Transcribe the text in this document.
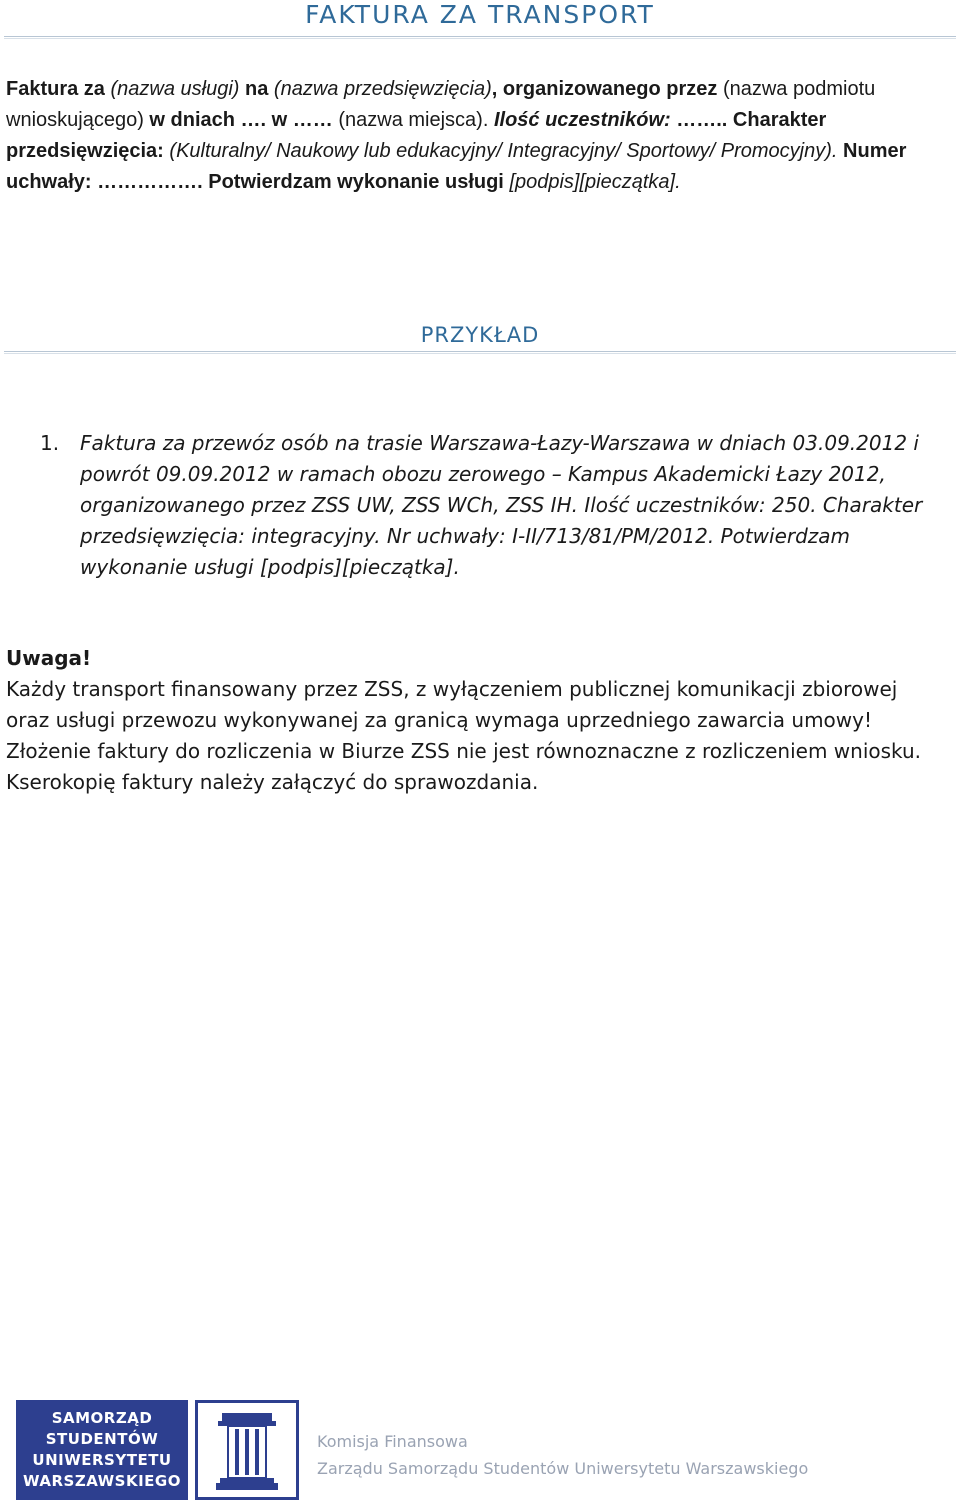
FAKTURA ZA TRANSPORT
Faktura za (nazwa usługi) na (nazwa przedsięwzięcia), organizowanego przez (nazwa podmiotu wnioskującego) w dniach …. w …… (nazwa miejsca). Ilość uczestników: …….. Charakter przedsięwzięcia: (Kulturalny/ Naukowy lub edukacyjny/ Integracyjny/ Sportowy/ Promocyjny). Numer uchwały: ……………. Potwierdzam wykonanie usługi [podpis][pieczątka].
PRZYKŁAD
1. Faktura za przewóz osób na trasie Warszawa-Łazy-Warszawa w dniach 03.09.2012 i powrót 09.09.2012 w ramach obozu zerowego – Kampus Akademicki Łazy 2012, organizowanego przez ZSS UW, ZSS WCh, ZSS IH. Ilość uczestników: 250. Charakter przedsięwzięcia: integracyjny. Nr uchwały: I-II/713/81/PM/2012. Potwierdzam wykonanie usługi [podpis][pieczątka].
Uwaga!
Każdy transport finansowany przez ZSS, z wyłączeniem publicznej komunikacji zbiorowej oraz usługi przewozu wykonywanej za granicą wymaga uprzedniego zawarcia umowy!
Złożenie faktury do rozliczenia w Biurze ZSS nie jest równoznaczne z rozliczeniem wniosku.
Kserokopię faktury należy załączyć do sprawozdania.
SAMORZĄD
STUDENTÓW
UNIWERSYTETU
WARSZAWSKIEGO
Komisja Finansowa
Zarządu Samorządu Studentów Uniwersytetu Warszawskiego
